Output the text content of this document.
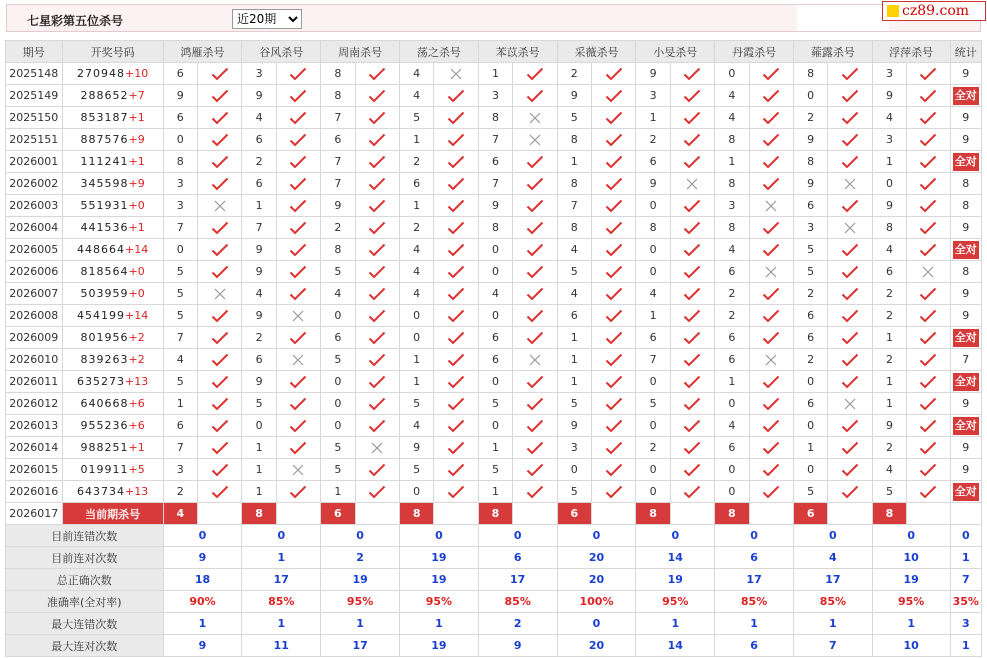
七星彩第五位杀号
近20期
cz89.com
期号	开奖号码	鸿雁杀号		谷风杀号		周南杀号		荡之杀号		苯苡杀号		采薇杀号		小旻杀号		丹霞杀号		蕹露杀号		浮萍杀号		统计
2025148	270948+10	6		3		8		4		1		2		9		0		8		3		9
2025149	288652+7	9		9		8		4		3		9		3		4		0		9		全对
2025150	853187+1	6		4		7		5		8		5		1		4		2		4		9
2025151	887576+9	0		6		6		1		7		8		2		8		9		3		9
2026001	111241+1	8		2		7		2		6		1		6		1		8		1		全对
2026002	345598+9	3		6		7		6		7		8		9		8		9		0		8
2026003	551931+0	3		1		9		1		9		7		0		3		6		9		8
2026004	441536+1	7		7		2		2		8		8		8		8		3		8		9
2026005	448664+14	0		9		8		4		0		4		0		4		5		4		全对
2026006	818564+0	5		9		5		4		0		5		0		6		5		6		8
2026007	503959+0	5		4		4		4		4		4		4		2		2		2		9
2026008	454199+14	5		9		0		0		0		6		1		2		6		2		9
2026009	801956+2	7		2		6		0		6		1		6		6		6		1		全对
2026010	839263+2	4		6		5		1		6		1		7		6		2		2		7
2026011	635273+13	5		9		0		1		0		1		0		1		0		1		全对
2026012	640668+6	1		5		0		5		5		5		5		0		6		1		9
2026013	955236+6	6		0		0		4		0		9		0		4		0		9		全对
2026014	988251+1	7		1		5		9		1		3		2		6		1		2		9
2026015	019911+5	3		1		5		5		5		0		0		0		0		4		9
2026016	643734+13	2		1		1		0		1		5		0		0		5		5		全对
2026017	当前期杀号	4		8		6		8		8		6		8		8		6		8		
目前连错次数		0		0		0		0		0		0		0		0		0		0		0
目前连对次数		9		1		2		19		6		20		14		6		4		10		1
总正确次数		18		17		19		19		17		20		19		17		17		19		7
准确率(全对率)		90%		85%		95%		95%		85%		100%		95%		85%		85%		95%		35%
最大连错次数		1		1		1		1		2		0		1		1		1		1		3
最大连对次数		9		11		17		19		9		20		14		6		7		10		1
